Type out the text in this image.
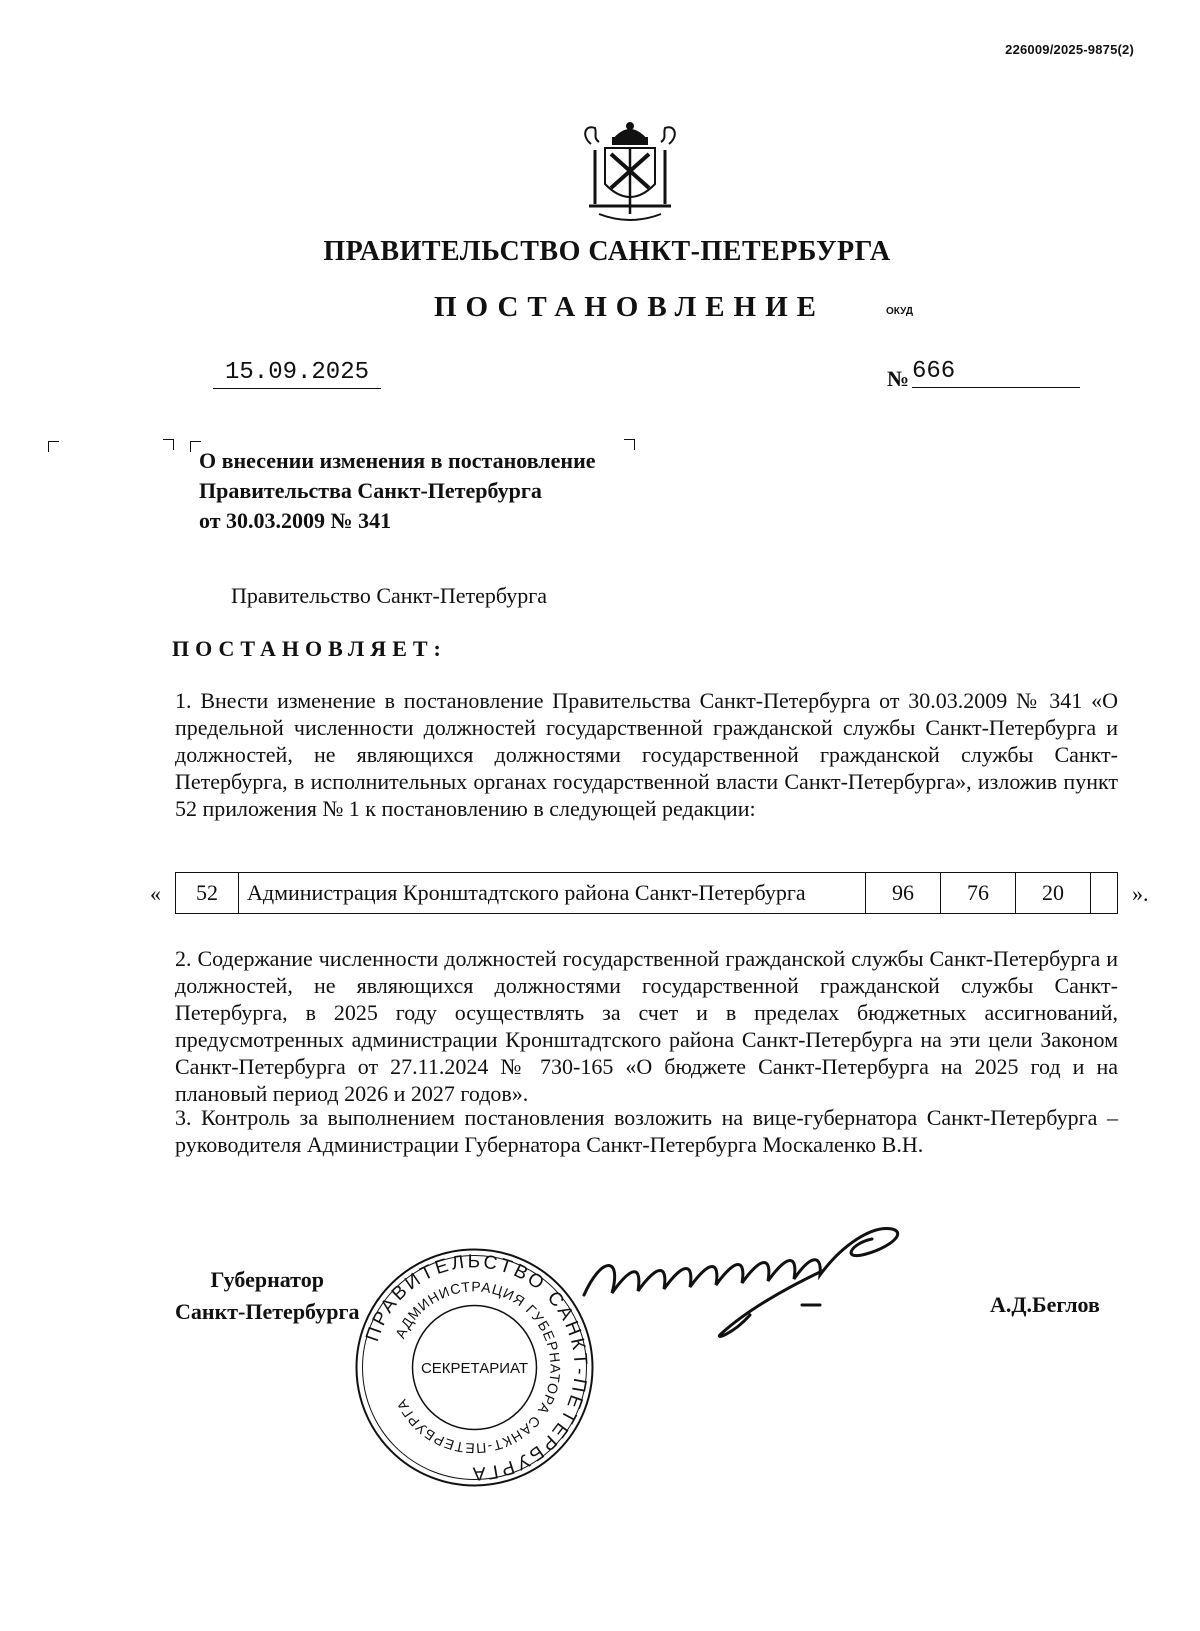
226009/2025-9875(2)
ПРАВИТЕЛЬСТВО САНКТ-ПЕТЕРБУРГА
ПОСТАНОВЛЕНИЕ	ОКУД
15.09.2025	№ 666
О внесении изменения в постановление
Правительства Санкт-Петербурга
от 30.03.2009 № 341
Правительство Санкт-Петербурга
ПОСТАНОВЛЯЕТ:
1. Внести изменение в постановление Правительства Санкт-Петербурга от 30.03.2009 № 341 «О предельной численности должностей государственной гражданской службы Санкт-Петербурга и должностей, не являющихся должностями государственной гражданской службы Санкт-Петербурга, в исполнительных органах государственной власти Санкт-Петербурга», изложив пункт 52 приложения № 1 к постановлению в следующей редакции:
« 52	Администрация Кронштадтского района Санкт-Петербурга	96	76	20		».
2. Содержание численности должностей государственной гражданской службы Санкт-Петербурга и должностей, не являющихся должностями государственной гражданской службы Санкт-Петербурга, в 2025 году осуществлять за счет и в пределах бюджетных ассигнований, предусмотренных администрации Кронштадтского района Санкт-Петербурга на эти цели Законом Санкт-Петербурга от 27.11.2024 № 730-165 «О бюджете Санкт-Петербурга на 2025 год и на плановый период 2026 и 2027 годов».
3. Контроль за выполнением постановления возложить на вице-губернатора Санкт-Петербурга – руководителя Администрации Губернатора Санкт-Петербурга Москаленко В.Н.
Губернатор
Санкт-Петербурга	А.Д.Беглов
ПРАВИТЕЛЬСТВО САНКТ-ПЕТЕРБУРГА
АДМИНИСТРАЦИЯ ГУБЕРНАТОРА САНКТ-ПЕТЕРБУРГА
СЕКРЕТАРИАТ
